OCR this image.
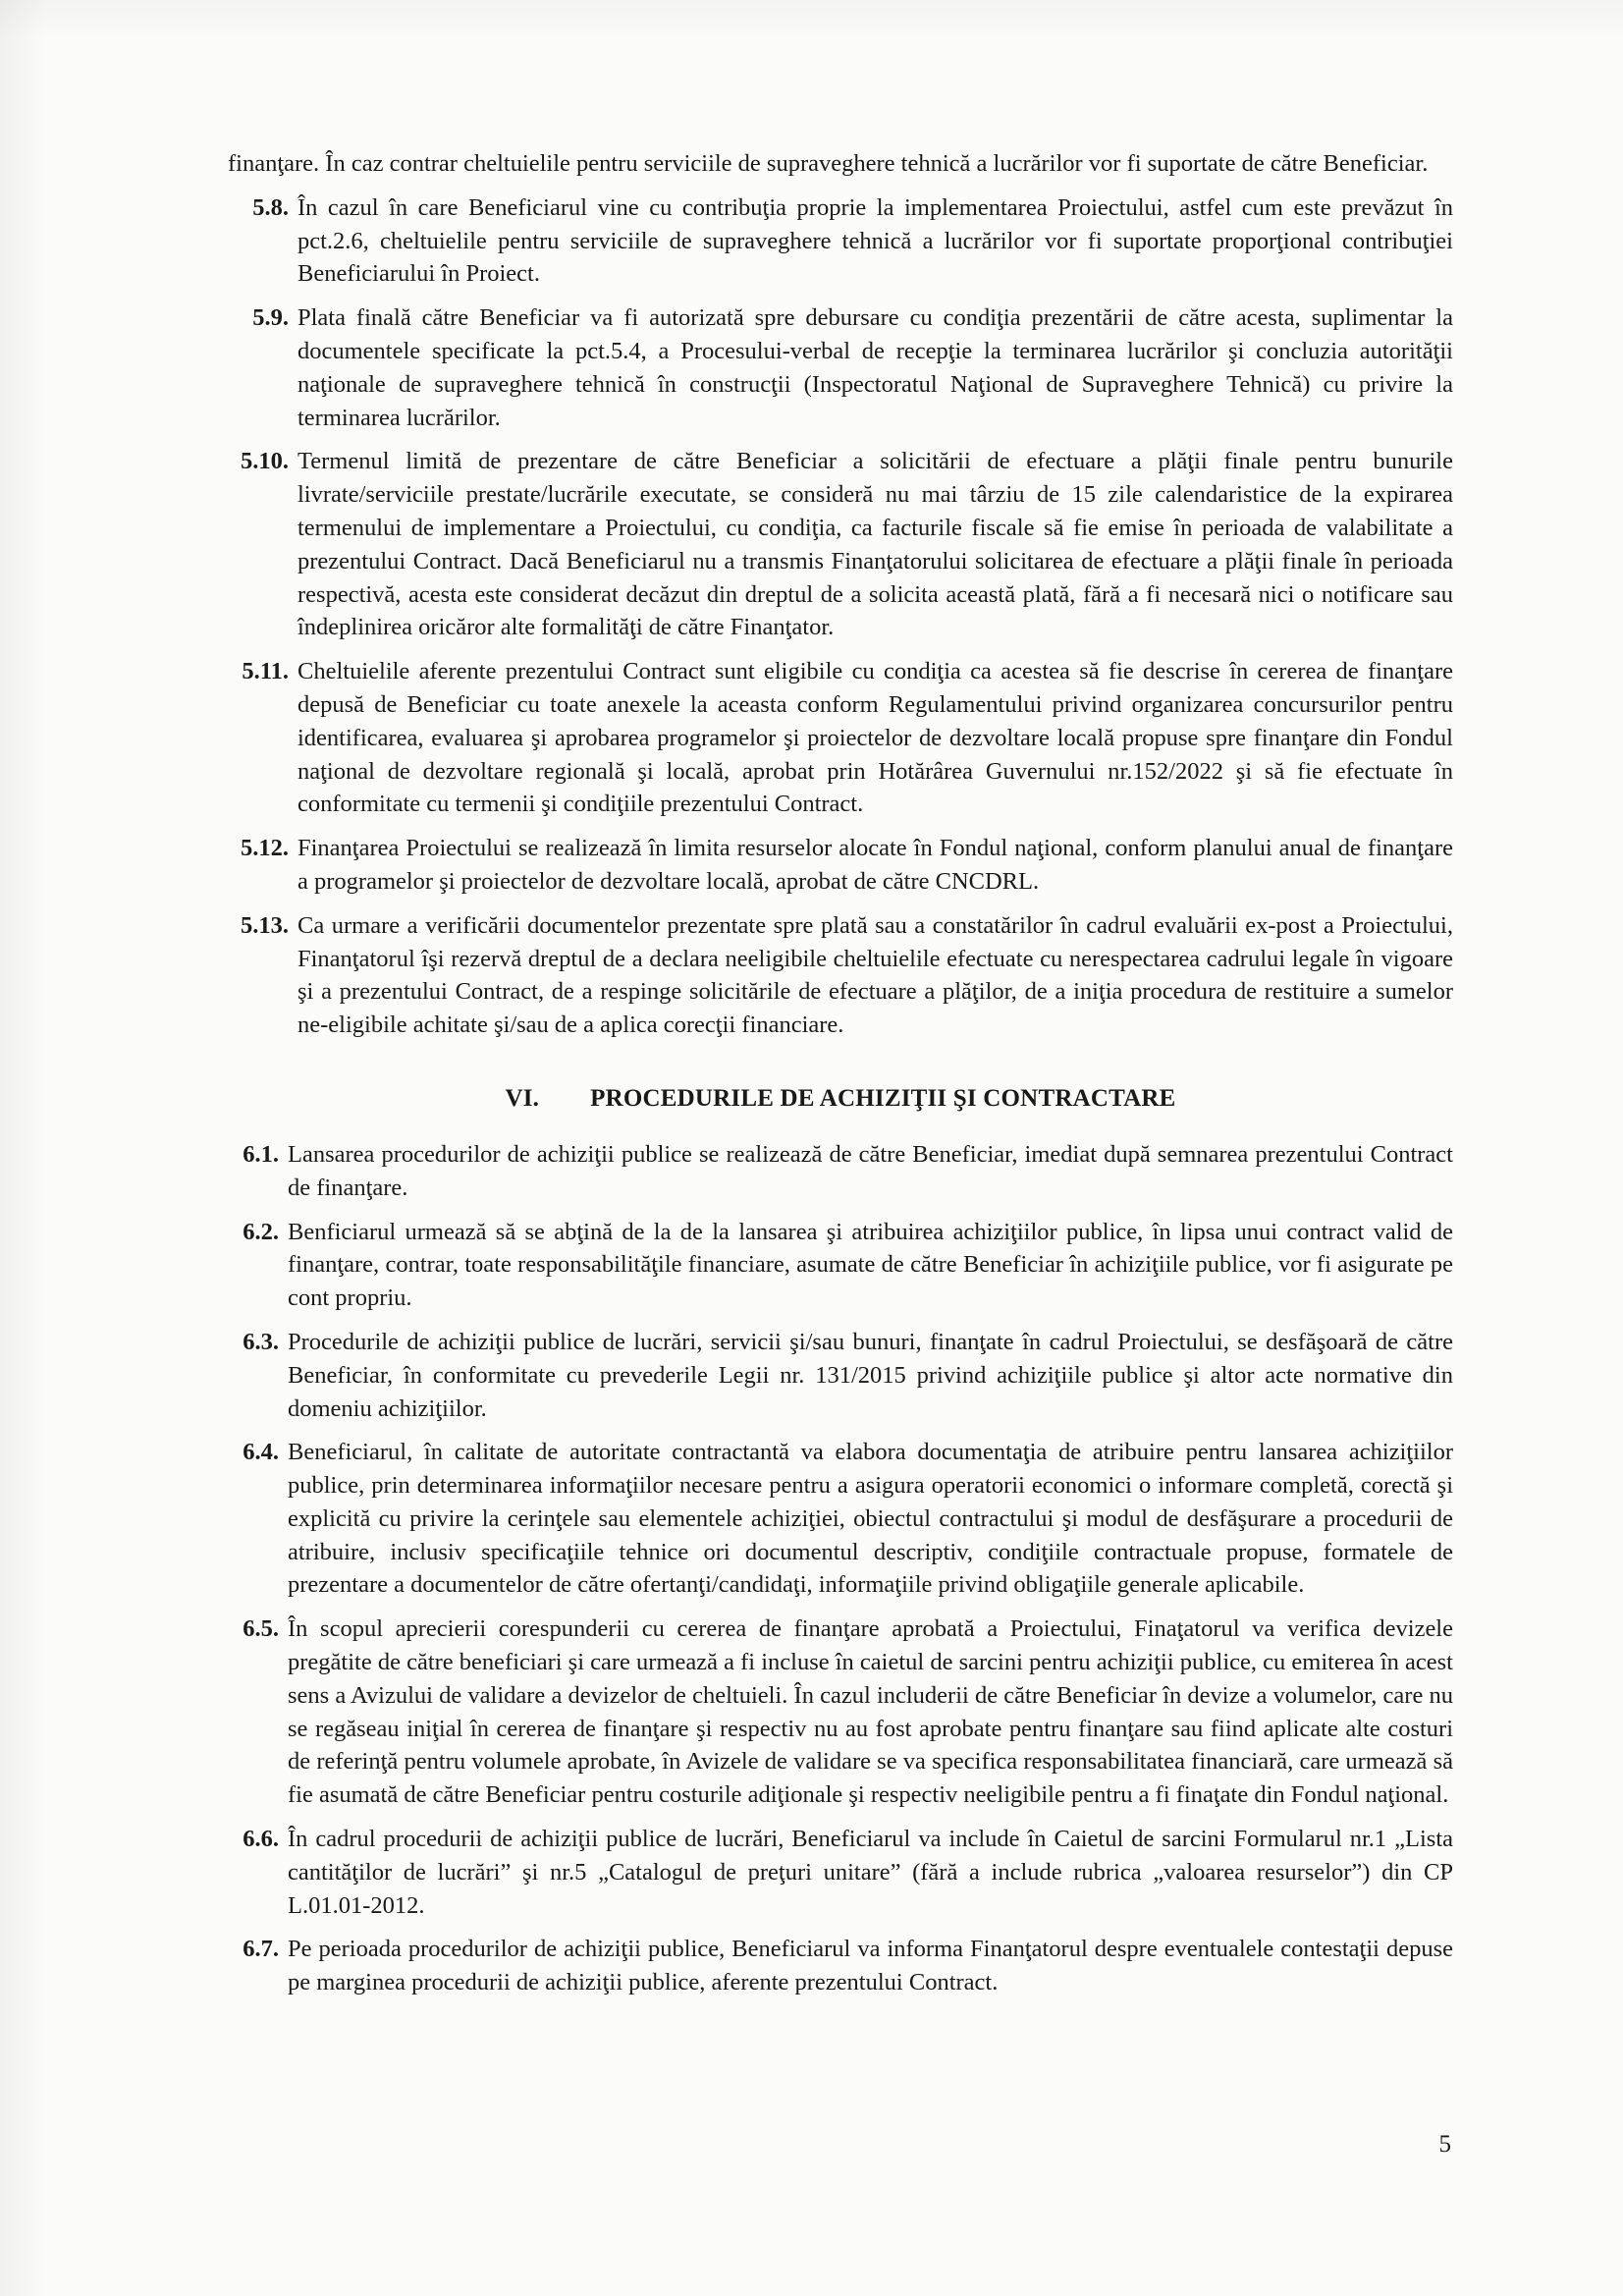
finanţare. În caz contrar cheltuielile pentru serviciile de supraveghere tehnică a lucrărilor vor fi suportate de către Beneficiar.
5.8. În cazul în care Beneficiarul vine cu contribuţia proprie la implementarea Proiectului, astfel cum este prevăzut în pct.2.6, cheltuielile pentru serviciile de supraveghere tehnică a lucrărilor vor fi suportate proporţional contribuţiei Beneficiarului în Proiect.
5.9. Plata finală către Beneficiar va fi autorizată spre debursare cu condiţia prezentării de către acesta, suplimentar la documentele specificate la pct.5.4, a Procesului-verbal de recepţie la terminarea lucrărilor şi concluzia autorităţii naţionale de supraveghere tehnică în construcţii (Inspectoratul Naţional de Supraveghere Tehnică) cu privire la terminarea lucrărilor.
5.10. Termenul limită de prezentare de către Beneficiar a solicitării de efectuare a plăţii finale pentru bunurile livrate/serviciile prestate/lucrările executate, se consideră nu mai târziu de 15 zile calendaristice de la expirarea termenului de implementare a Proiectului, cu condiţia, ca facturile fiscale să fie emise în perioada de valabilitate a prezentului Contract. Dacă Beneficiarul nu a transmis Finanţatorului solicitarea de efectuare a plăţii finale în perioada respectivă, acesta este considerat decăzut din dreptul de a solicita această plată, fără a fi necesară nici o notificare sau îndeplinirea oricăror alte formalităţi de către Finanţator.
5.11. Cheltuielile aferente prezentului Contract sunt eligibile cu condiţia ca acestea să fie descrise în cererea de finanţare depusă de Beneficiar cu toate anexele la aceasta conform Regulamentului privind organizarea concursurilor pentru identificarea, evaluarea şi aprobarea programelor şi proiectelor de dezvoltare locală propuse spre finanţare din Fondul naţional de dezvoltare regională şi locală, aprobat prin Hotărârea Guvernului nr.152/2022 şi să fie efectuate în conformitate cu termenii şi condiţiile prezentului Contract.
5.12. Finanţarea Proiectului se realizează în limita resurselor alocate în Fondul naţional, conform planului anual de finanţare a programelor şi proiectelor de dezvoltare locală, aprobat de către CNCDRL.
5.13. Ca urmare a verificării documentelor prezentate spre plată sau a constatărilor în cadrul evaluării ex-post a Proiectului, Finanţatorul îşi rezervă dreptul de a declara neeligibile cheltuielile efectuate cu nerespectarea cadrului legale în vigoare şi a prezentului Contract, de a respinge solicitările de efectuare a plăţilor, de a iniţia procedura de restituire a sumelor ne-eligibile achitate şi/sau de a aplica corecţii financiare.
VI. PROCEDURILE DE ACHIZIŢII ŞI CONTRACTARE
6.1. Lansarea procedurilor de achiziţii publice se realizează de către Beneficiar, imediat după semnarea prezentului Contract de finanţare.
6.2. Benficiarul urmează să se abţină de la de la lansarea şi atribuirea achiziţiilor publice, în lipsa unui contract valid de finanţare, contrar, toate responsabilităţile financiare, asumate de către Beneficiar în achiziţiile publice, vor fi asigurate pe cont propriu.
6.3. Procedurile de achiziţii publice de lucrări, servicii şi/sau bunuri, finanţate în cadrul Proiectului, se desfăşoară de către Beneficiar, în conformitate cu prevederile Legii nr. 131/2015 privind achiziţiile publice şi altor acte normative din domeniu achiziţiilor.
6.4. Beneficiarul, în calitate de autoritate contractantă va elabora documentaţia de atribuire pentru lansarea achiziţiilor publice, prin determinarea informaţiilor necesare pentru a asigura operatorii economici o informare completă, corectă şi explicită cu privire la cerinţele sau elementele achiziţiei, obiectul contractului şi modul de desfăşurare a procedurii de atribuire, inclusiv specificaţiile tehnice ori documentul descriptiv, condiţiile contractuale propuse, formatele de prezentare a documentelor de către ofertanţi/candidaţi, informaţiile privind obligaţiile generale aplicabile.
6.5. În scopul aprecierii corespunderii cu cererea de finanţare aprobată a Proiectului, Finaţatorul va verifica devizele pregătite de către beneficiari şi care urmează a fi incluse în caietul de sarcini pentru achiziţii publice, cu emiterea în acest sens a Avizului de validare a devizelor de cheltuieli. În cazul includerii de către Beneficiar în devize a volumelor, care nu se regăseau iniţial în cererea de finanţare şi respectiv nu au fost aprobate pentru finanţare sau fiind aplicate alte costuri de referinţă pentru volumele aprobate, în Avizele de validare se va specifica responsabilitatea financiară, care urmează să fie asumată de către Beneficiar pentru costurile adiţionale şi respectiv neeligibile pentru a fi finaţate din Fondul naţional.
6.6. În cadrul procedurii de achiziţii publice de lucrări, Beneficiarul va include în Caietul de sarcini Formularul nr.1 „Lista cantităţilor de lucrări” şi nr.5 „Catalogul de preţuri unitare” (fără a include rubrica „valoarea resurselor”) din CP L.01.01-2012.
6.7. Pe perioada procedurilor de achiziţii publice, Beneficiarul va informa Finanţatorul despre eventualele contestaţii depuse pe marginea procedurii de achiziţii publice, aferente prezentului Contract.
5
